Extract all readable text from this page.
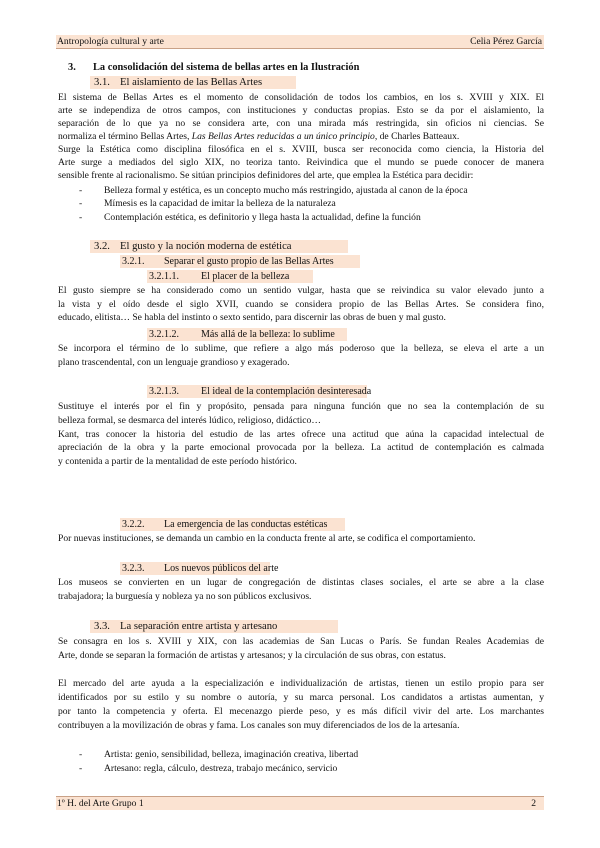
Antropología cultural y arte	Celia Pérez García
3. La consolidación del sistema de bellas artes en la Ilustración
3.1. El aislamiento de las Bellas Artes
El sistema de Bellas Artes es el momento de consolidación de todos los cambios, en los s. XVIII y XIX. El
arte se independiza de otros campos, con instituciones y conductas propias. Esto se da por el aislamiento, la
separación de lo que ya no se considera arte, con una mirada más restringida, sin oficios ni ciencias. Se
normaliza el término Bellas Artes, Las Bellas Artes reducidas a un único principio, de Charles Batteaux.
Surge la Estética como disciplina filosófica en el s. XVIII, busca ser reconocida como ciencia, la Historia del
Arte surge a mediados del siglo XIX, no teoriza tanto. Reivindica que el mundo se puede conocer de manera
sensible frente al racionalismo. Se sitúan principios definidores del arte, que emplea la Estética para decidir:
- Belleza formal y estética, es un concepto mucho más restringido, ajustada al canon de la época
- Mímesis es la capacidad de imitar la belleza de la naturaleza
- Contemplación estética, es definitorio y llega hasta la actualidad, define la función
3.2. El gusto y la noción moderna de estética
3.2.1. Separar el gusto propio de las Bellas Artes
3.2.1.1. El placer de la belleza
El gusto siempre se ha considerado como un sentido vulgar, hasta que se reivindica su valor elevado junto a
la vista y el oído desde el siglo XVII, cuando se considera propio de las Bellas Artes. Se considera fino,
educado, elitista… Se habla del instinto o sexto sentido, para discernir las obras de buen y mal gusto.
3.2.1.2. Más allá de la belleza: lo sublime
Se incorpora el término de lo sublime, que refiere a algo más poderoso que la belleza, se eleva el arte a un
plano trascendental, con un lenguaje grandioso y exagerado.
3.2.1.3. El ideal de la contemplación desinteresada
Sustituye el interés por el fin y propósito, pensada para ninguna función que no sea la contemplación de su
belleza formal, se desmarca del interés lúdico, religioso, didáctico…
Kant, tras conocer la historia del estudio de las artes ofrece una actitud que aúna la capacidad intelectual de
apreciación de la obra y la parte emocional provocada por la belleza. La actitud de contemplación es calmada
y contenida a partir de la mentalidad de este período histórico.
3.2.2. La emergencia de las conductas estéticas
Por nuevas instituciones, se demanda un cambio en la conducta frente al arte, se codifica el comportamiento.
3.2.3. Los nuevos públicos del arte
Los museos se convierten en un lugar de congregación de distintas clases sociales, el arte se abre a la clase
trabajadora; la burguesía y nobleza ya no son públicos exclusivos.
3.3. La separación entre artista y artesano
Se consagra en los s. XVIII y XIX, con las academias de San Lucas o París. Se fundan Reales Academias de
Arte, donde se separan la formación de artistas y artesanos; y la circulación de sus obras, con estatus.
El mercado del arte ayuda a la especialización e individualización de artistas, tienen un estilo propio para ser
identificados por su estilo y su nombre o autoría, y su marca personal. Los candidatos a artistas aumentan, y
por tanto la competencia y oferta. El mecenazgo pierde peso, y es más difícil vivir del arte. Los marchantes
contribuyen a la movilización de obras y fama. Los canales son muy diferenciados de los de la artesanía.
- Artista: genio, sensibilidad, belleza, imaginación creativa, libertad
- Artesano: regla, cálculo, destreza, trabajo mecánico, servicio
1º H. del Arte Grupo 1	2
